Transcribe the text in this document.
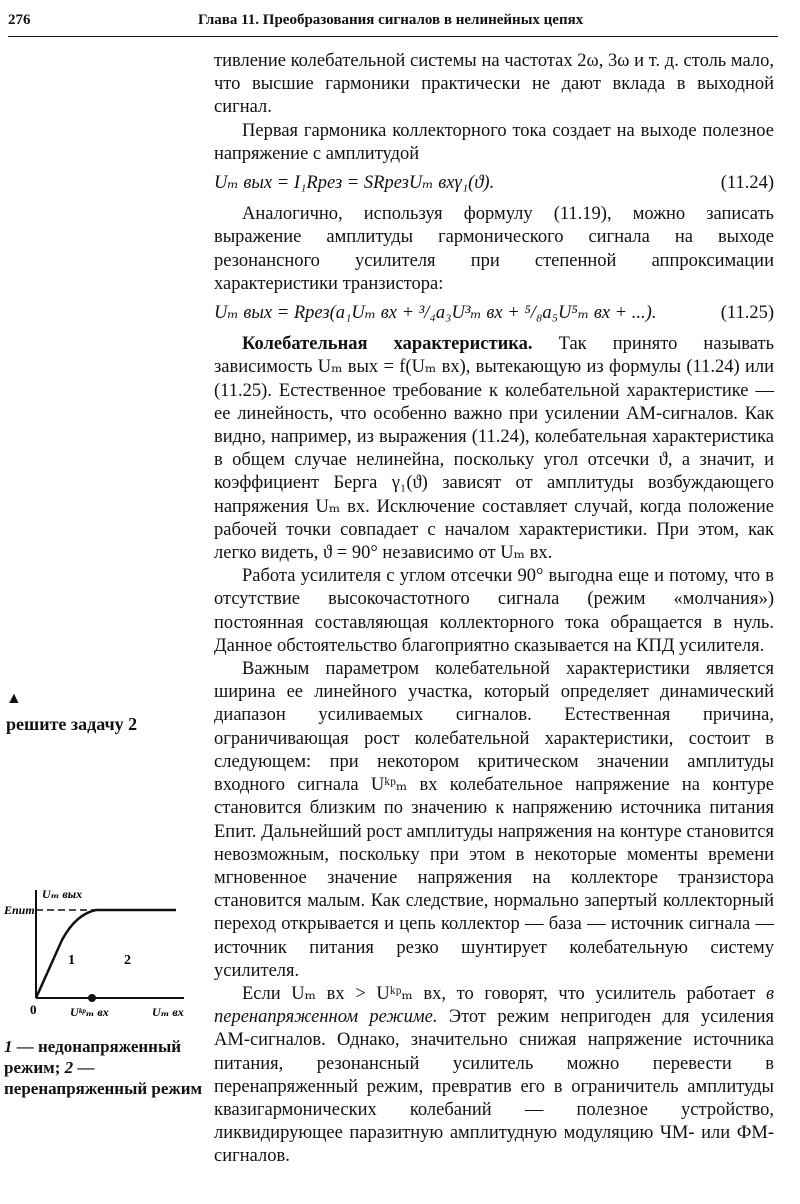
276	Глава 11. Преобразования сигналов в нелинейных цепях

тивление колебательной системы на частотах 2ω, 3ω и т. д. столь мало, что высшие гармоники практически не дают вклада в выходной сигнал.

Первая гармоника коллекторного тока создает на выходе полезное напряжение с амплитудой

Uₘ вых = I₁Rрез = SRрезUₘ вхγ₁(ϑ).	(11.24)

Аналогично, используя формулу (11.19), можно записать выражение амплитуды гармонического сигнала на выходе резонансного усилителя при степенной аппроксимации характеристики транзистора:

Uₘ вых = Rрез(a₁Uₘ вх + ³/₄a₃U³ₘ вх + ⁵/₈a₅U⁵ₘ вх + ...).	(11.25)

Колебательная характеристика. Так принято называть зависимость Uₘ вых = f(Uₘ вх), вытекающую из формулы (11.24) или (11.25). Естественное требование к колебательной характеристике — ее линейность, что особенно важно при усилении АМ-сигналов. Как видно, например, из выражения (11.24), колебательная характеристика в общем случае нелинейна, поскольку угол отсечки ϑ, а значит, и коэффициент Берга γ₁(ϑ) зависят от амплитуды возбуждающего напряжения Uₘ вх. Исключение составляет случай, когда положение рабочей точки совпадает с началом характеристики. При этом, как легко видеть, ϑ = 90° независимо от Uₘ вх.

Работа усилителя с углом отсечки 90° выгодна еще и потому, что в отсутствие высокочастотного сигнала (режим «молчания») постоянная составляющая коллекторного тока обращается в нуль. Данное обстоятельство благоприятно сказывается на КПД усилителя.

Важным параметром колебательной характеристики является ширина ее линейного участка, который определяет динамический диапазон усиливаемых сигналов. Естественная причина, ограничивающая рост колебательной характеристики, состоит в следующем: при некотором критическом значении амплитуды входного сигнала Uᵏᵖₘ вх колебательное напряжение на контуре становится близким по значению к напряжению источника питания Eпит. Дальнейший рост амплитуды напряжения на контуре становится невозможным, поскольку при этом в некоторые моменты времени мгновенное значение напряжения на коллекторе транзистора становится малым. Как следствие, нормально запертый коллекторный переход открывается и цепь коллектор — база — источник сигнала — источник питания резко шунтирует колебательную систему усилителя.

Если Uₘ вх > Uᵏᵖₘ вх, то говорят, что усилитель работает в перенапряженном режиме. Этот режим непригоден для усиления АМ-сигналов. Однако, значительно снижая напряжение источника питания, резонансный усилитель можно перевести в перенапряженный режим, превратив его в ограничитель амплитуды квазигармонических колебаний — полезное устройство, ликвидирующее паразитную амплитудную модуляцию ЧМ- или ФМ-сигналов.

▲
решите задачу 2
Uₘ вых
Eпит
0	Uᵏᵖₘ вх	Uₘ вх
1	2
1 — недонапряженный режим; 2 — перенапряженный режим
